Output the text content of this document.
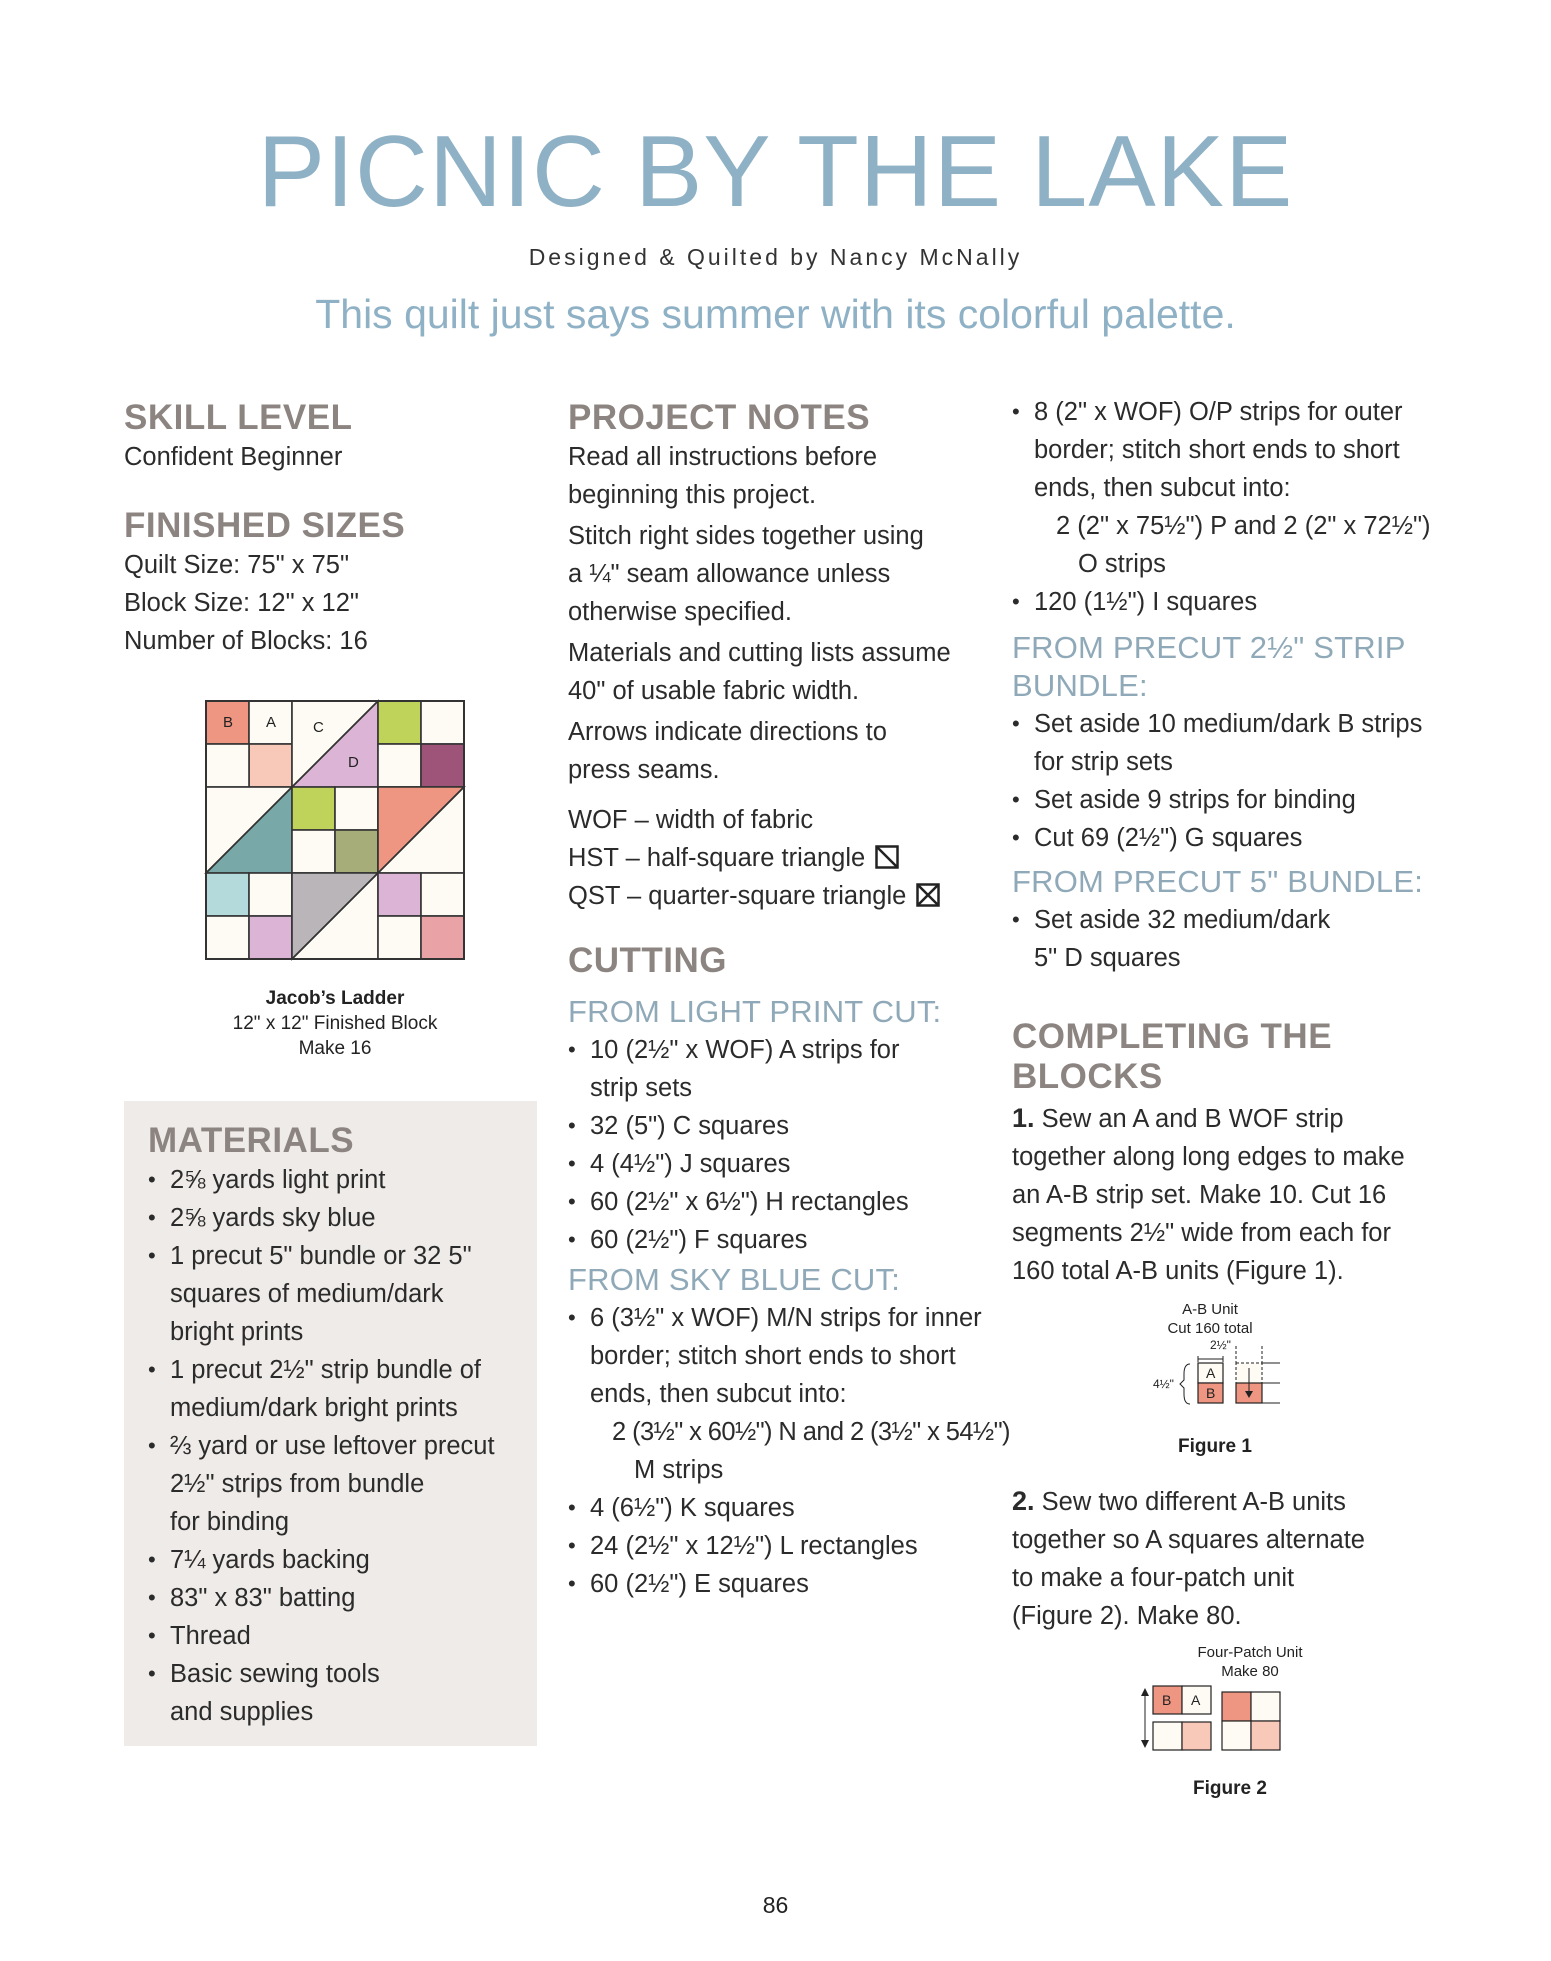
PICNIC BY THE LAKE
Designed & Quilted by Nancy McNally
This quilt just says summer with its colorful palette.
SKILL LEVEL

Confident Beginner

FINISHED SIZES

Quilt Size: 75" x 75"

Block Size: 12" x 12"

Number of Blocks: 16

B A C
D
Jacob’s Ladder
12" x 12" Finished Block
Make 16
MATERIALS
• 2⅝ yards light print
• 2⅝ yards sky blue
• 1 precut 5" bundle or 32 5"
squares of medium/dark
bright prints
• 1 precut 2½" strip bundle of
medium/dark bright prints
• ⅔ yard or use leftover precut
2½" strips from bundle
for binding
• 7¼ yards backing
• 83" x 83" batting
• Thread
• Basic sewing tools
and supplies
PROJECT NOTES
Read all instructions before
beginning this project.
Stitch right sides together using
a ¼" seam allowance unless
otherwise specified.
Materials and cutting lists assume
40" of usable fabric width.
Arrows indicate directions to
press seams.

WOF – width of fabric

HST – half-square triangle

QST – quarter-square triangle

CUTTING
FROM LIGHT PRINT CUT:
• 10 (2½" x WOF) A strips for
strip sets
• 32 (5") C squares
• 4 (4½") J squares
• 60 (2½" x 6½") H rectangles
• 60 (2½") F squares
FROM SKY BLUE CUT:
• 6 (3½" x WOF) M/N strips for inner
border; stitch short ends to short
ends, then subcut into:
2 (3½" x 60½") N and 2 (3½" x 54½")
M strips
• 4 (6½") K squares
• 24 (2½" x 12½") L rectangles
• 60 (2½") E squares
• 8 (2" x WOF) O/P strips for outer
border; stitch short ends to short
ends, then subcut into:
2 (2" x 75½") P and 2 (2" x 72½")
O strips
• 120 (1½") I squares
FROM PRECUT 2½" STRIP
BUNDLE:
• Set aside 10 medium/dark B strips
for strip sets
• Set aside 9 strips for binding
• Cut 69 (2½") G squares
FROM PRECUT 5" BUNDLE:
• Set aside 32 medium/dark
5" D squares
COMPLETING THE
BLOCKS
1. Sew an A and B WOF strip
together along long edges to make
an A-B strip set. Make 10. Cut 16
segments 2½" wide from each for
160 total A-B units (Figure 1).
A-B Unit
Cut 160 total
2½"
4½"
A
B
Figure 1
2. Sew two different A-B units
together so A squares alternate
to make a four-patch unit
(Figure 2). Make 80.
Four-Patch Unit
Make 80
B A
Figure 2
86
